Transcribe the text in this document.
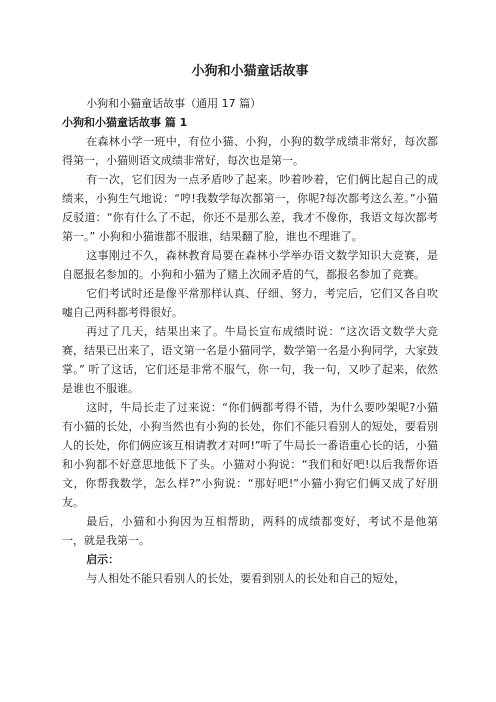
小狗和小猫童话故事

小狗和小猫童话故事（通用 17 篇）

小狗和小猫童话故事 篇 1

在森林小学一班中，有位小猫、小狗，小狗的数学成绩非常好，每次都得第一，小猫则语文成绩非常好，每次也是第一。

有一次，它们因为一点矛盾吵了起来。吵着吵着，它们俩比起自己的成绩来，小狗生气地说：“哼!我数学每次都第一，你呢?每次都考这么差。”小猫反驳道：“你有什么了不起，你还不是那么差，我才不像你，我语文每次都考第一。” 小狗和小猫谁都不服谁，结果翻了脸，谁也不理谁了。

这事刚过不久，森林教育局要在森林小学举办语文数学知识大竞赛，是自愿报名参加的。小狗和小猫为了赌上次闹矛盾的气，都报名参加了竞赛。

它们考试时还是像平常那样认真、仔细、努力，考完后，它们又各自吹嘘自己两科都考得很好。

再过了几天，结果出来了。牛局长宣布成绩时说：“这次语文数学大竞赛，结果已出来了，语文第一名是小猫同学，数学第一名是小狗同学，大家鼓掌。” 听了这话，它们还是非常不服气，你一句，我一句，又吵了起来，依然是谁也不服谁。

这时，牛局长走了过来说：“你们俩都考得不错，为什么要吵架呢?小猫有小猫的长处，小狗当然也有小狗的长处，你们不能只看别人的短处，要看别人的长处，你们俩应该互相请教才对呵!”听了牛局长一番语重心长的话，小猫和小狗都不好意思地低下了头。小猫对小狗说：“我们和好吧!以后我帮你语文，你帮我数学，怎么样?”小狗说：“那好吧!”小猫小狗它们俩又成了好朋友。

最后，小猫和小狗因为互相帮助，两科的成绩都变好，考试不是他第一，就是我第一。

启示：

与人相处不能只看别人的长处，要看到别人的长处和自己的短处，
